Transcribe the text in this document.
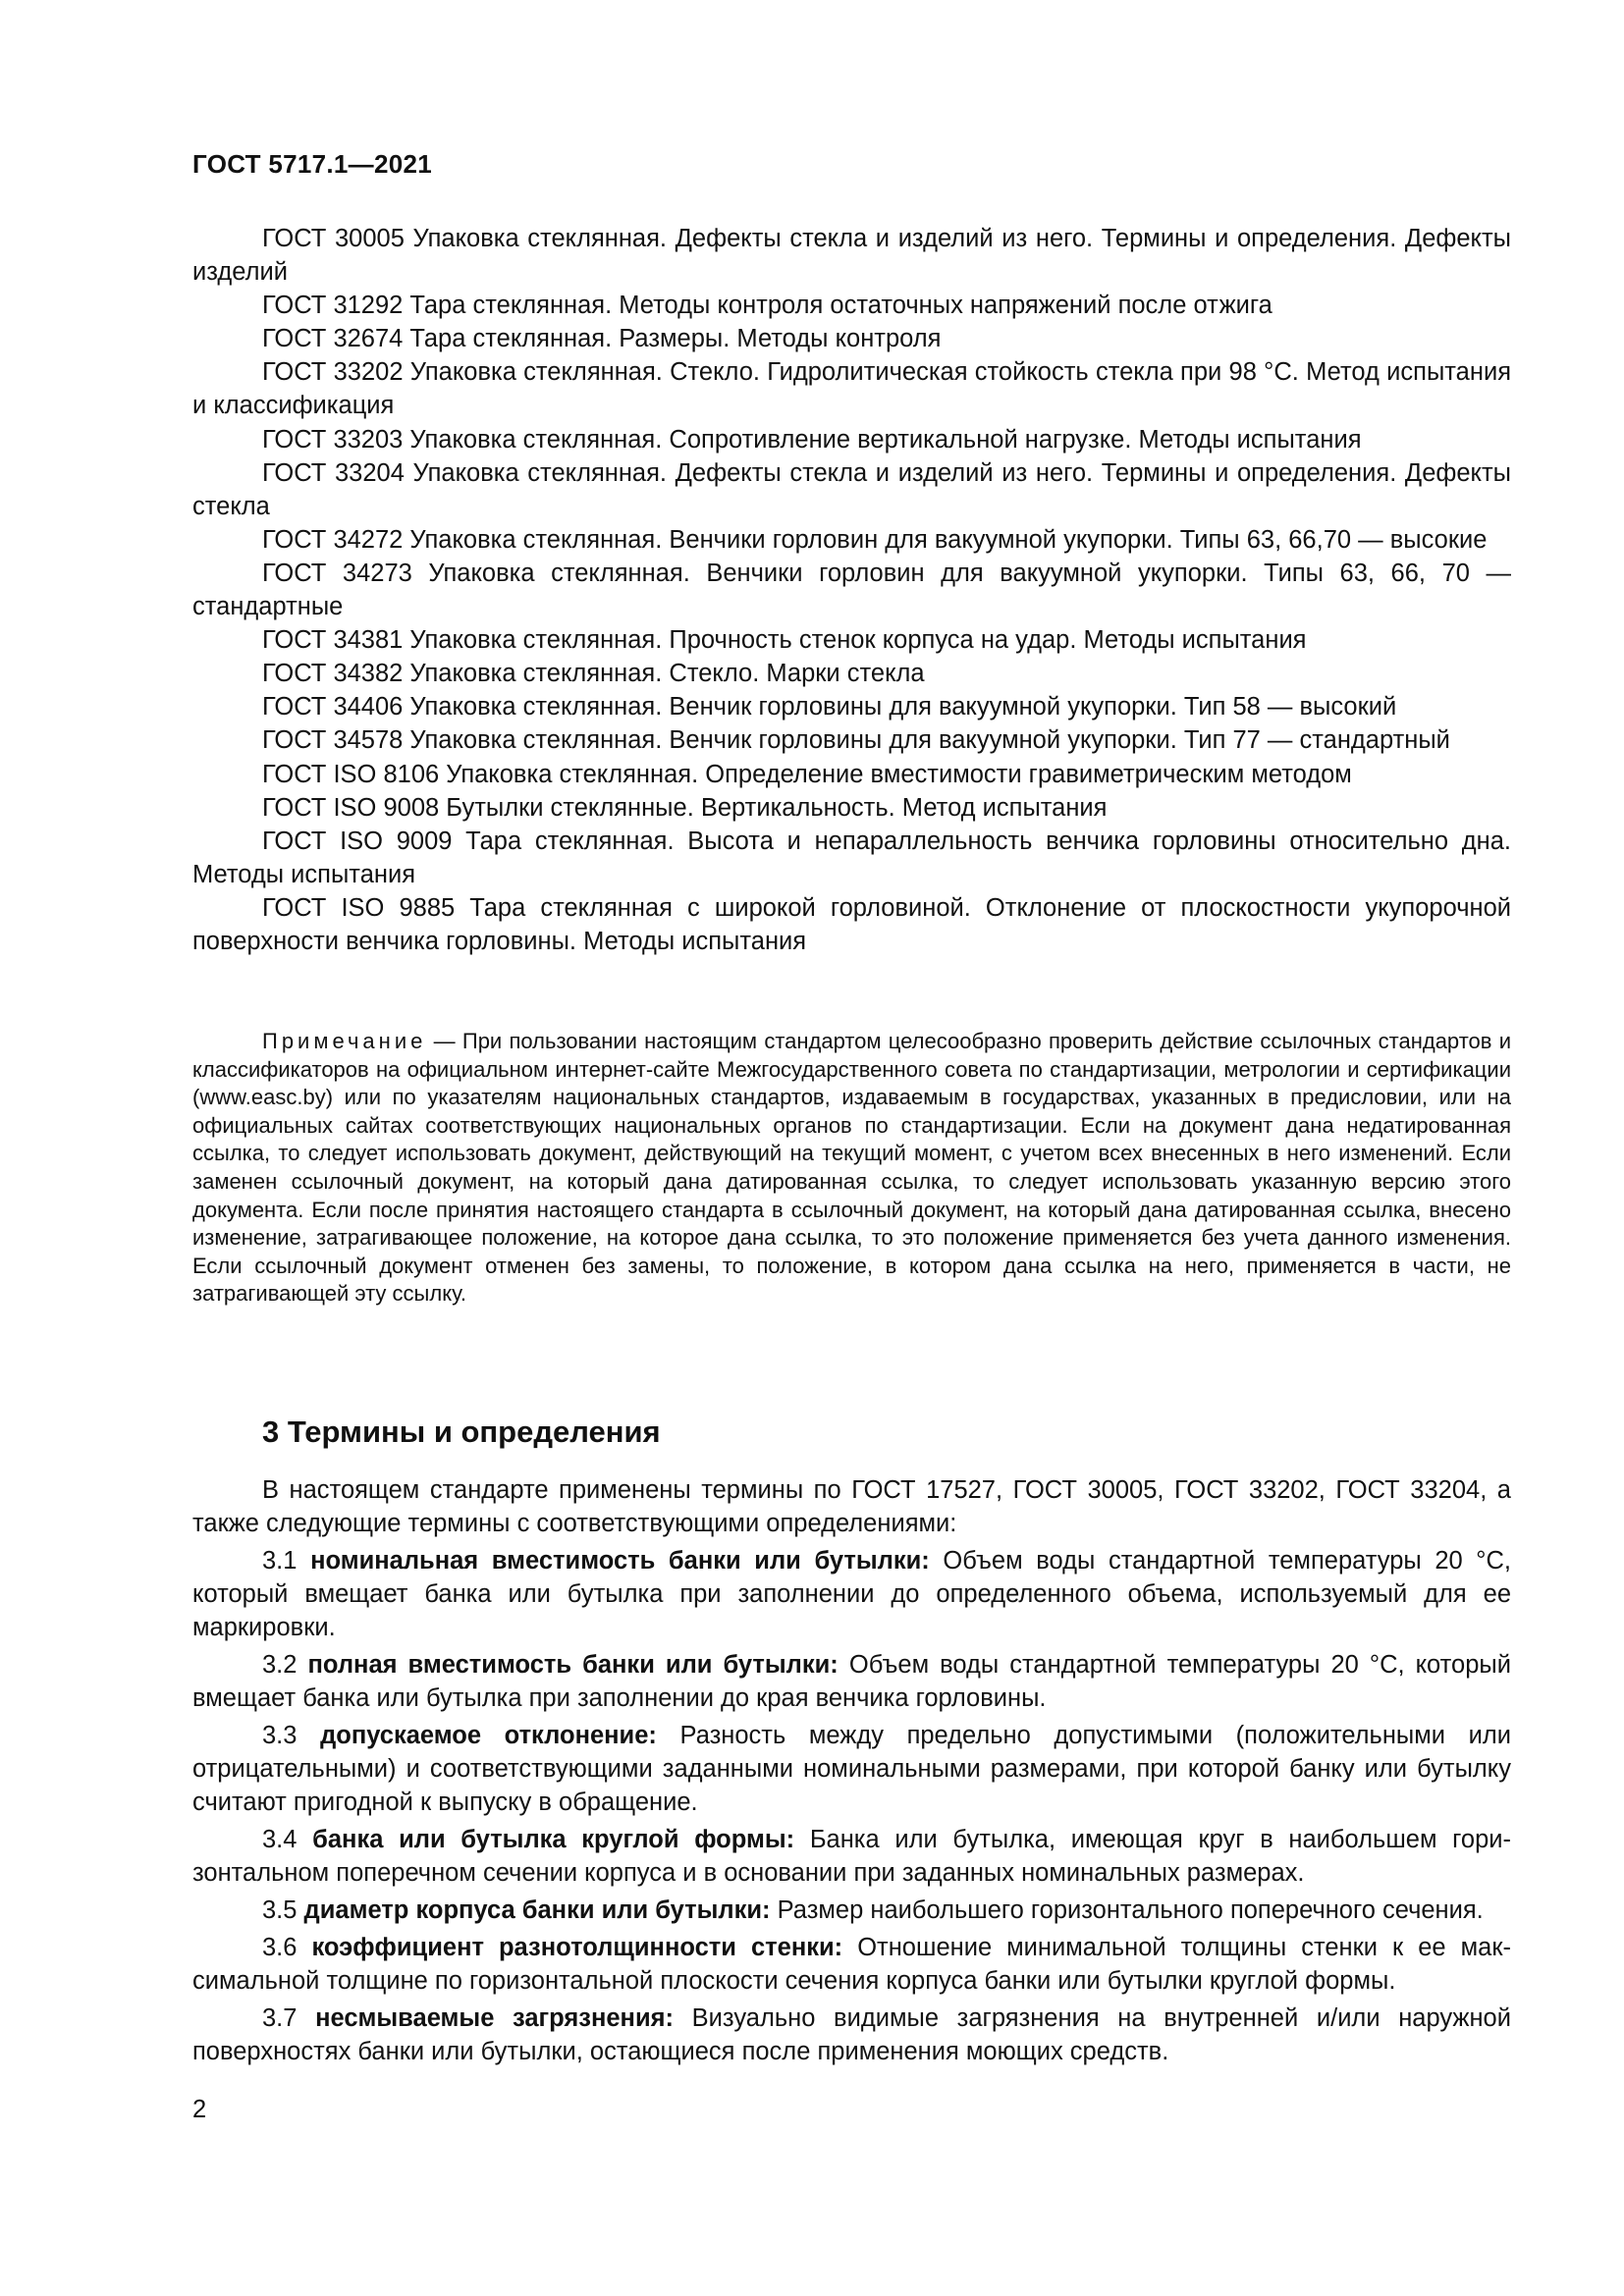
ГОСТ 5717.1—2021

ГОСТ 30005 Упаковка стеклянная. Дефекты стекла и изделий из него. Термины и определения. Дефекты изделий

ГОСТ 31292 Тара стеклянная. Методы контроля остаточных напряжений после отжига

ГОСТ 32674 Тара стеклянная. Размеры. Методы контроля

ГОСТ 33202 Упаковка стеклянная. Стекло. Гидролитическая стойкость стекла при 98 °С. Метод испытания и классификация

ГОСТ 33203 Упаковка стеклянная. Сопротивление вертикальной нагрузке. Методы испытания

ГОСТ 33204 Упаковка стеклянная. Дефекты стекла и изделий из него. Термины и определения. Дефекты стекла

ГОСТ 34272 Упаковка стеклянная. Венчики горловин для вакуумной укупорки. Типы 63, 66,70 — высокие

ГОСТ 34273 Упаковка стеклянная. Венчики горловин для вакуумной укупорки. Типы 63, 66, 70 — стандартные

ГОСТ 34381 Упаковка стеклянная. Прочность стенок корпуса на удар. Методы испытания

ГОСТ 34382 Упаковка стеклянная. Стекло. Марки стекла

ГОСТ 34406 Упаковка стеклянная. Венчик горловины для вакуумной укупорки. Тип 58 — высокий

ГОСТ 34578 Упаковка стеклянная. Венчик горловины для вакуумной укупорки. Тип 77 — стандартный

ГОСТ ISO 8106 Упаковка стеклянная. Определение вместимости гравиметрическим методом

ГОСТ ISO 9008 Бутылки стеклянные. Вертикальность. Метод испытания

ГОСТ ISO 9009 Тара стеклянная. Высота и непараллельность венчика горловины относительно дна. Методы испытания

ГОСТ ISO 9885 Тара стеклянная с широкой горловиной. Отклонение от плоскостности укупорочной поверхности венчика горловины. Методы испытания

Примечание — При пользовании настоящим стандартом целесообразно проверить действие ссылочных стандартов и классификаторов на официальном интернет-сайте Межгосударственного совета по стандартизации, метрологии и сертификации (www.easc.by) или по указателям национальных стандартов, издаваемым в государствах, указанных в предисловии, или на официальных сайтах соответствующих национальных органов по стандартизации. Если на документ дана недатированная ссылка, то следует использовать документ, действующий на текущий момент, с учетом всех внесенных в него изменений. Если заменен ссылочный документ, на который дана датированная ссылка, то следует использовать указанную версию этого документа. Если после принятия настоящего стандарта в ссылочный документ, на который дана датированная ссылка, внесено изменение, затрагивающее положение, на которое дана ссылка, то это положение применяется без учета данного изменения. Если ссылочный документ отменен без замены, то положение, в котором дана ссылка на него, применяется в части, не затрагивающей эту ссылку.

3 Термины и определения

В настоящем стандарте применены термины по ГОСТ 17527, ГОСТ 30005, ГОСТ 33202, ГОСТ 33204, а также следующие термины с соответствующими определениями:

3.1 номинальная вместимость банки или бутылки: Объем воды стандартной температуры 20 °С, который вмещает банка или бутылка при заполнении до определенного объема, используемый для ее маркировки.

3.2 полная вместимость банки или бутылки: Объем воды стандартной температуры 20 °С, который вмещает банка или бутылка при заполнении до края венчика горловины.

3.3 допускаемое отклонение: Разность между предельно допустимыми (положительными или отрицательными) и соответствующими заданными номинальными размерами, при которой банку или бутылку считают пригодной к выпуску в обращение.

3.4 банка или бутылка круглой формы: Банка или бутылка, имеющая круг в наибольшем горизонтальном поперечном сечении корпуса и в основании при заданных номинальных размерах.

3.5 диаметр корпуса банки или бутылки: Размер наибольшего горизонтального поперечного сечения.

3.6 коэффициент разнотолщинности стенки: Отношение минимальной толщины стенки к ее максимальной толщине по горизонтальной плоскости сечения корпуса банки или бутылки круглой формы.

3.7 несмываемые загрязнения: Визуально видимые загрязнения на внутренней и/или наружной поверхностях банки или бутылки, остающиеся после применения моющих средств.

2
